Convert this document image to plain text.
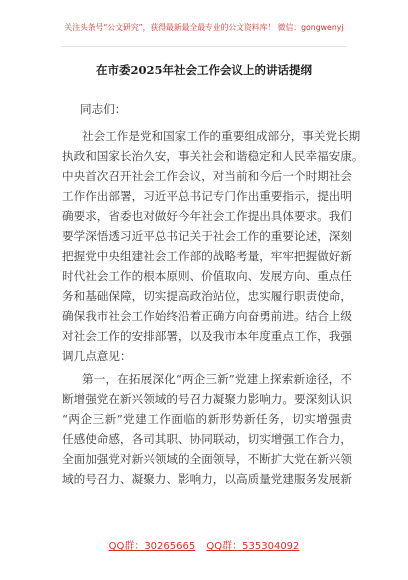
关注头条号“公文研究”，获得最新最全最专业的公文资料库！ 微信：gongwenyj
在市委2025年社会工作会议上的讲话提纲
同志们：
社会工作是党和国家工作的重要组成部分，事关党长期
执政和国家长治久安，事关社会和谐稳定和人民幸福安康。
中央首次召开社会工作会议，对当前和今后一个时期社会
工作作出部署，习近平总书记专门作出重要指示，提出明
确要求，省委也对做好今年社会工作提出具体要求。我们
要学深悟透习近平总书记关于社会工作的重要论述，深刻
把握党中央组建社会工作部的战略考量，牢牢把握做好新
时代社会工作的根本原则、价值取向、发展方向、重点任
务和基础保障，切实提高政治站位，忠实履行职责使命，
确保我市社会工作始终沿着正确方向奋勇前进。结合上级
对社会工作的安排部署，以及我市本年度重点工作，我强
调几点意见：
第一，在拓展深化“两企三新”党建上探索新途径，不
断增强党在新兴领域的号召力凝聚力影响力。要深刻认识
“两企三新”党建工作面临的新形势新任务，切实增强责
任感使命感，各司其职、协同联动，切实增强工作合力，
全面加强党对新兴领域的全面领导，不断扩大党在新兴领
域的号召力、凝聚力、影响力，以高质量党建服务发展新
QQ群：30265665 QQ群：535304092
